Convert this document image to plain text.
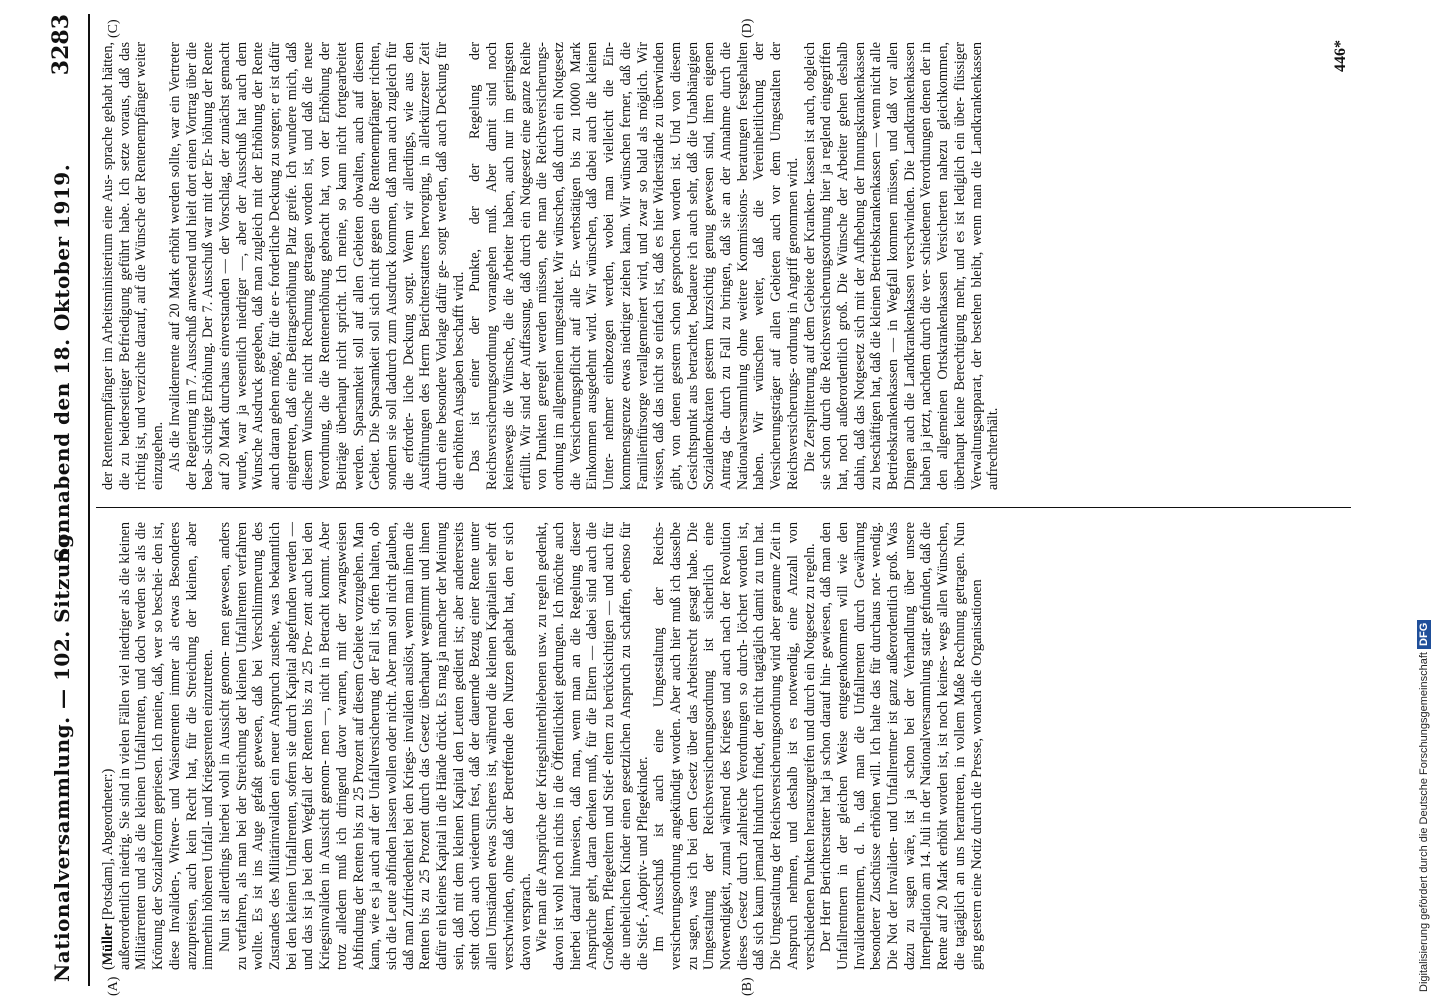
Nationalversammlung. — 102. Sitzung.
Sonnabend den 18. Oktober 1919.
3283
(A)	(B)
(C)	(D)

(Müller [Potsdam], Abgeordneter:) außerordentlich niedrig. Sie sind in vielen Fällen viel niedriger als die kleinen Militärrenten und als die kleinen Unfallrenten, und doch werden sie als die Krönung der Sozialreform gepriesen. Ich meine, daß, wer so beschei- den ist, diese Invaliden-, Witwer- und Waisenrenten immer als etwas Besonderes anzupreisen, auch kein Recht hat, für die Streichung der kleinen, aber immerhin höheren Unfall- und Kriegsrenten einzutreten. Nun ist allerdings hierbei wohl in Aussicht genom- men gewesen, anders zu verfahren, als man bei der Streichung der kleinen Unfallrenten verfahren wollte. Es ist ins Auge gefaßt gewesen, daß bei Verschlimmerung des Zustandes des Militärinvaliden ein neuer Anspruch zustehe, was bekanntlich bei den kleinen Unfallrenten, sofern sie durch Kapital abgefunden werden — und das ist ja bei dem Wegfall der Renten bis zu 25 Pro- zent auch bei den Kriegsinvaliden in Aussicht genom- men —, nicht in Betracht kommt. Aber trotz alledem muß ich dringend davor warnen, mit der zwangsweisen Abfindung der Renten bis zu 25 Prozent auf diesem Gebiete vorzugehen. Man kann, wie es ja auch auf der Unfallversicherung der Fall ist, offen halten, ob sich die Leute abfinden lassen wollen oder nicht. Aber man soll nicht glauben, daß man Zufriedenheit bei den Kriegs- invaliden auslöst, wenn man ihnen die Renten bis zu 25 Prozent durch das Gesetz überhaupt wegnimmt und ihnen dafür ein kleines Kapital in die Hände drückt. Es mag ja mancher der Meinung sein, daß mit dem kleinen Kapital den Leuten gedient ist; aber andererseits steht doch auch wiederum fest, daß der dauernde Bezug einer Rente unter allen Umständen etwas Sicheres ist, während die kleinen Kapitalien sehr oft verschwinden, ohne daß der Betreffende den Nutzen gehabt hat, den er sich davon versprach. Wie man die Ansprüche der Kriegshinterbliebenen usw. zu regeln gedenkt, davon ist wohl noch nichts in die Öffentlichkeit gedrungen. Ich möchte auch hierbei darauf hinweisen, daß man, wenn man an die Regelung dieser Ansprüche geht, daran denken muß, für die Eltern — dabei sind auch die Großeltern, Pflegeeltern und Stief- eltern zu berücksichtigen — und auch für die unehelichen Kinder einen gesetzlichen Anspruch zu schaffen, ebenso für die Stief-, Adoptiv- und Pflegekinder. Im Ausschuß ist auch eine Umgestaltung der Reichs- versicherungsordnung angekündigt worden. Aber auch hier muß ich dasselbe zu sagen, was ich bei dem Gesetz über das Arbeitsrecht gesagt habe. Die Umgestaltung der Reichsversicherungsordnung ist sicherlich eine Notwendigkeit, zumal während des Krieges und auch nach der Revolution dieses Gesetz durch zahlreiche Verordnungen so durch- löchert worden ist, daß sich kaum jemand hindurch findet, der nicht tagtäglich damit zu tun hat. Die Umgestaltung der Reichsversicherungsordnung wird aber geraume Zeit in Anspruch nehmen, und deshalb ist es notwendig, eine Anzahl von verschiedenen Punkten herauszugreifen und durch ein Notgesetz zu regeln. Der Herr Berichterstatter hat ja schon darauf hin- gewiesen, daß man den Unfallrentnern in der gleichen Weise entgegenkommen will wie den Invalidenrentnern, d. h. daß man die Unfallrenten durch Gewährung besonderer Zuschüsse erhöhen will. Ich halte das für durchaus not- wendig. Die Not der Invaliden- und Unfallrentner ist ganz außerordentlich groß. Was dazu zu sagen wäre, ist ja schon bei der Verhandlung über unsere Interpellation am 14. Juli in der Nationalversammlung statt- gefunden, daß die Rente auf 20 Mark erhöht worden ist, ist noch keines- wegs allen Wünschen, die tagtäglich an uns herantreten, in vollem Maße Rechnung getragen. Nun ging gestern eine Notiz durch die Presse, wonach die Organisationen

der Rentenempfänger im Arbeitsministerium eine Aus- sprache gehabt hätten, die zu beiderseitiger Befriedigung geführt habe. Ich setze voraus, daß das richtig ist, und verzichte darauf, auf die Wünsche der Rentenempfänger weiter einzugehen. Als die Invalidenrente auf 20 Mark erhöht werden sollte, war ein Vertreter der Regierung im 7. Ausschuß anwesend und hielt dort einen Vortrag über die beab- sichtigte Erhöhung. Der 7. Ausschuß war mit der Er- höhung der Rente auf 20 Mark durchaus einverstanden — der Vorschlag, der zunächst gemacht wurde, war ja wesentlich niedriger —, aber der Ausschuß hat auch dem Wunsche Ausdruck gegeben, daß man zugleich mit der Erhöhung der Rente auch daran gehen möge, für die er- forderliche Deckung zu sorgen; er ist dafür eingetreten, daß eine Beitragserhöhung Platz greife. Ich wundere mich, daß diesem Wunsche nicht Rechnung getragen worden ist, und daß die neue Verordnung, die die Rentenerhöhung gebracht hat, von der Erhöhung der Beiträge überhaupt nicht spricht. Ich meine, so kann nicht fortgearbeitet werden. Sparsamkeit soll auf allen Gebieten obwalten, auch auf diesem Gebiet. Die Sparsamkeit soll sich nicht gegen die Rentenempfänger richten, sondern sie soll dadurch zum Ausdruck kommen, daß man auch zugleich für die erforder- liche Deckung sorgt. Wenn wir allerdings, wie aus den Ausführungen des Herrn Berichterstatters hervorging, in allerkürzester Zeit durch eine besondere Vorlage dafür ge- sorgt werden, daß auch Deckung für die erhöhten Ausgaben beschafft wird. Das ist einer der Punkte, der der Regelung der Reichsversicherungsordnung vorangehen muß. Aber damit sind noch keineswegs die Wünsche, die die Arbeiter haben, auch nur im geringsten erfüllt. Wir sind der Auffassung, daß durch ein Notgesetz eine ganze Reihe von Punkten geregelt werden müssen, ehe man die Reichsversicherungs- ordnung im allgemeinen umgestaltet. Wir wünschen, daß durch ein Notgesetz die Versicherungspflicht auf alle Er- werbstätigen bis zu 10000 Mark Einkommen ausgedehnt wird. Wir wünschen, daß dabei auch die kleinen Unter- nehmer einbezogen werden, wobei man vielleicht die Ein- kommensgrenze etwas niedriger ziehen kann. Wir wünschen ferner, daß die Familienfürsorge verallgemeinert wird, und zwar so bald als möglich. Wir wissen, daß das nicht so einfach ist, daß es hier Widerstände zu überwinden gibt, von denen gestern schon gesprochen worden ist. Und von diesem Gesichtspunkt aus betrachtet, bedauere ich auch sehr, daß die Unabhängigen Sozialdemokraten gestern kurzsichtig genug gewesen sind, ihren eigenen Antrag da- durch zu Fall zu bringen, daß sie an der Annahme durch die Nationalversammlung ohne weitere Kommissions- beratungen festgehalten haben. Wir wünschen weiter, daß die Vereinheitlichung der Versicherungsträger auf allen Gebieten auch vor dem Umgestalten der Reichsversicherungs- ordnung in Angriff genommen wird. Die Zersplitterung auf dem Gebiete der Kranken- kassen ist auch, obgleich sie schon durch die Reichsversicherungsordnung hier ja reglend eingegriffen hat, noch außerordentlich groß. Die Wünsche der Arbeiter gehen deshalb dahin, daß das Notgesetz sich mit der Aufhebung der Innungskrankenkassen zu beschäftigen hat, daß die kleinen Betriebskrankenkassen — wenn nicht alle Betriebskrankenkassen — in Wegfall kommen müssen, und daß vor allen Dingen auch die Landkrankenkassen verschwinden. Die Landkrankenkassen haben ja jetzt, nachdem durch die ver- schiedenen Verordnungen denen der in den allgemeinen Ortskrankenkassen Versicherten nahezu gleichkommen, überhaupt keine Berechtigung mehr, und es ist lediglich ein über- flüssiger Verwaltungsapparat, der bestehen bleibt, wenn man die Landkrankenkassen aufrechterhält.

446*
Digitalisierung gefördert durch die Deutsche Forschungsgemeinschaft DFG
